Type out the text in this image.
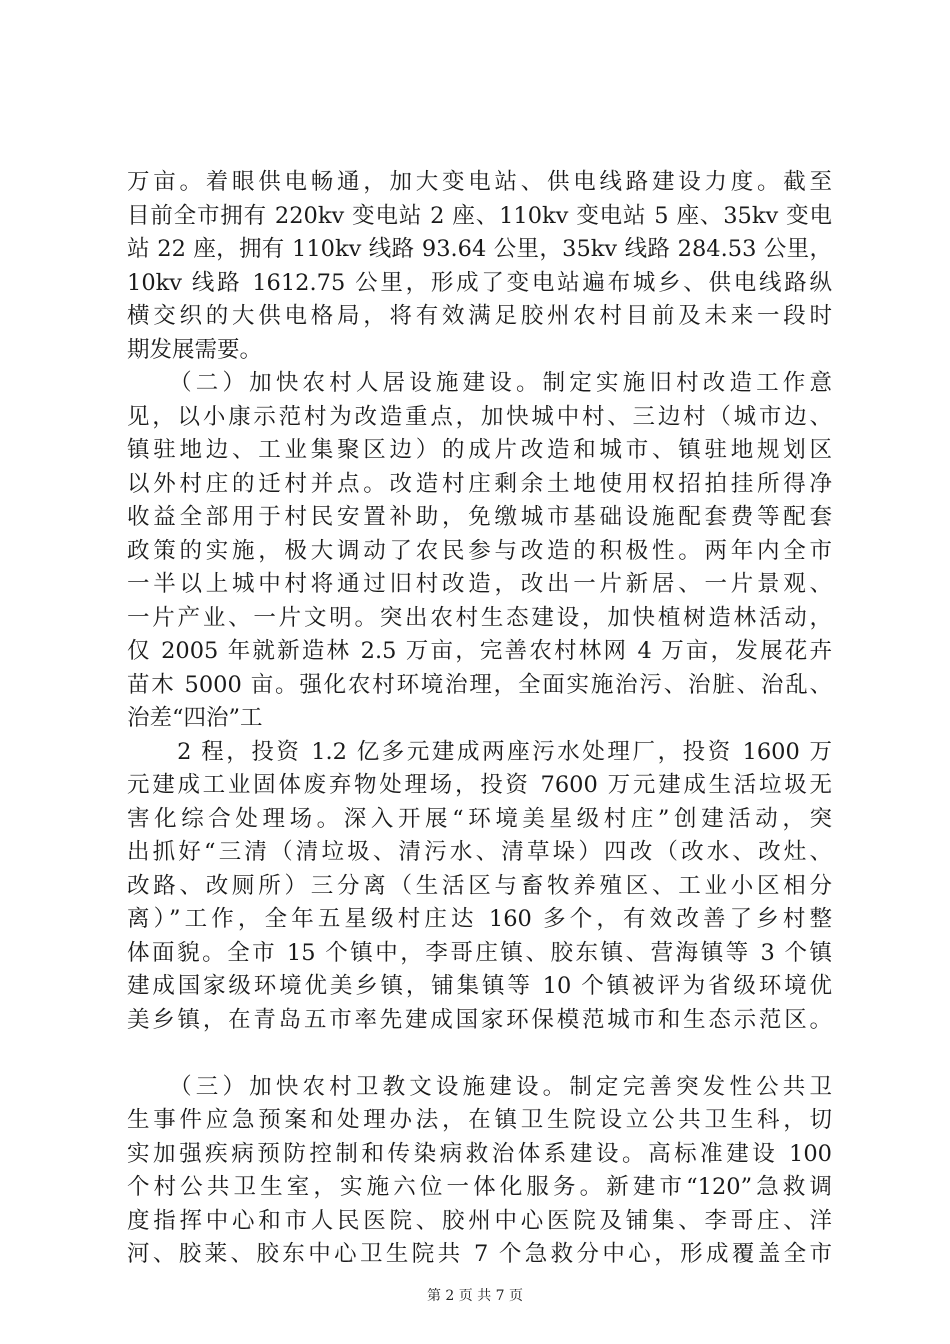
万亩。着眼供电畅通，加大变电站、供电线路建设力度。截至
目前全市拥有 220kv 变电站 2 座、110kv 变电站 5 座、35kv 变电
站 22 座，拥有 110kv 线路 93.64 公里，35kv 线路 284.53 公里，
10kv 线路 1612.75 公里，形成了变电站遍布城乡、供电线路纵
横交织的大供电格局，将有效满足胶州农村目前及未来一段时
期发展需要。
　　（二）加快农村人居设施建设。制定实施旧村改造工作意
见，以小康示范村为改造重点，加快城中村、三边村（城市边、
镇驻地边、工业集聚区边）的成片改造和城市、镇驻地规划区
以外村庄的迁村并点。改造村庄剩余土地使用权招拍挂所得净
收益全部用于村民安置补助，免缴城市基础设施配套费等配套
政策的实施，极大调动了农民参与改造的积极性。两年内全市
一半以上城中村将通过旧村改造，改出一片新居、一片景观、
一片产业、一片文明。突出农村生态建设，加快植树造林活动，
仅 2005 年就新造林 2.5 万亩，完善农村林网 4 万亩，发展花卉
苗木 5000 亩。强化农村环境治理，全面实施治污、治脏、治乱、
治差“四治”工
　　2 程，投资 1.2 亿多元建成两座污水处理厂，投资 1600 万
元建成工业固体废弃物处理场，投资 7600 万元建成生活垃圾无
害化综合处理场。深入开展“环境美星级村庄”创建活动，突
出抓好“三清（清垃圾、清污水、清草垛）四改（改水、改灶、
改路、改厕所）三分离（生活区与畜牧养殖区、工业小区相分
离）”工作，全年五星级村庄达 160 多个，有效改善了乡村整
体面貌。全市 15 个镇中，李哥庄镇、胶东镇、营海镇等 3 个镇
建成国家级环境优美乡镇，铺集镇等 10 个镇被评为省级环境优
美乡镇，在青岛五市率先建成国家环保模范城市和生态示范区。
　　（三）加快农村卫教文设施建设。制定完善突发性公共卫
生事件应急预案和处理办法，在镇卫生院设立公共卫生科，切
实加强疾病预防控制和传染病救治体系建设。高标准建设 100
个村公共卫生室，实施六位一体化服务。新建市“120”急救调
度指挥中心和市人民医院、胶州中心医院及铺集、李哥庄、洋
河、胶莱、胶东中心卫生院共 7 个急救分中心，形成覆盖全市
第 2 页 共 7 页
